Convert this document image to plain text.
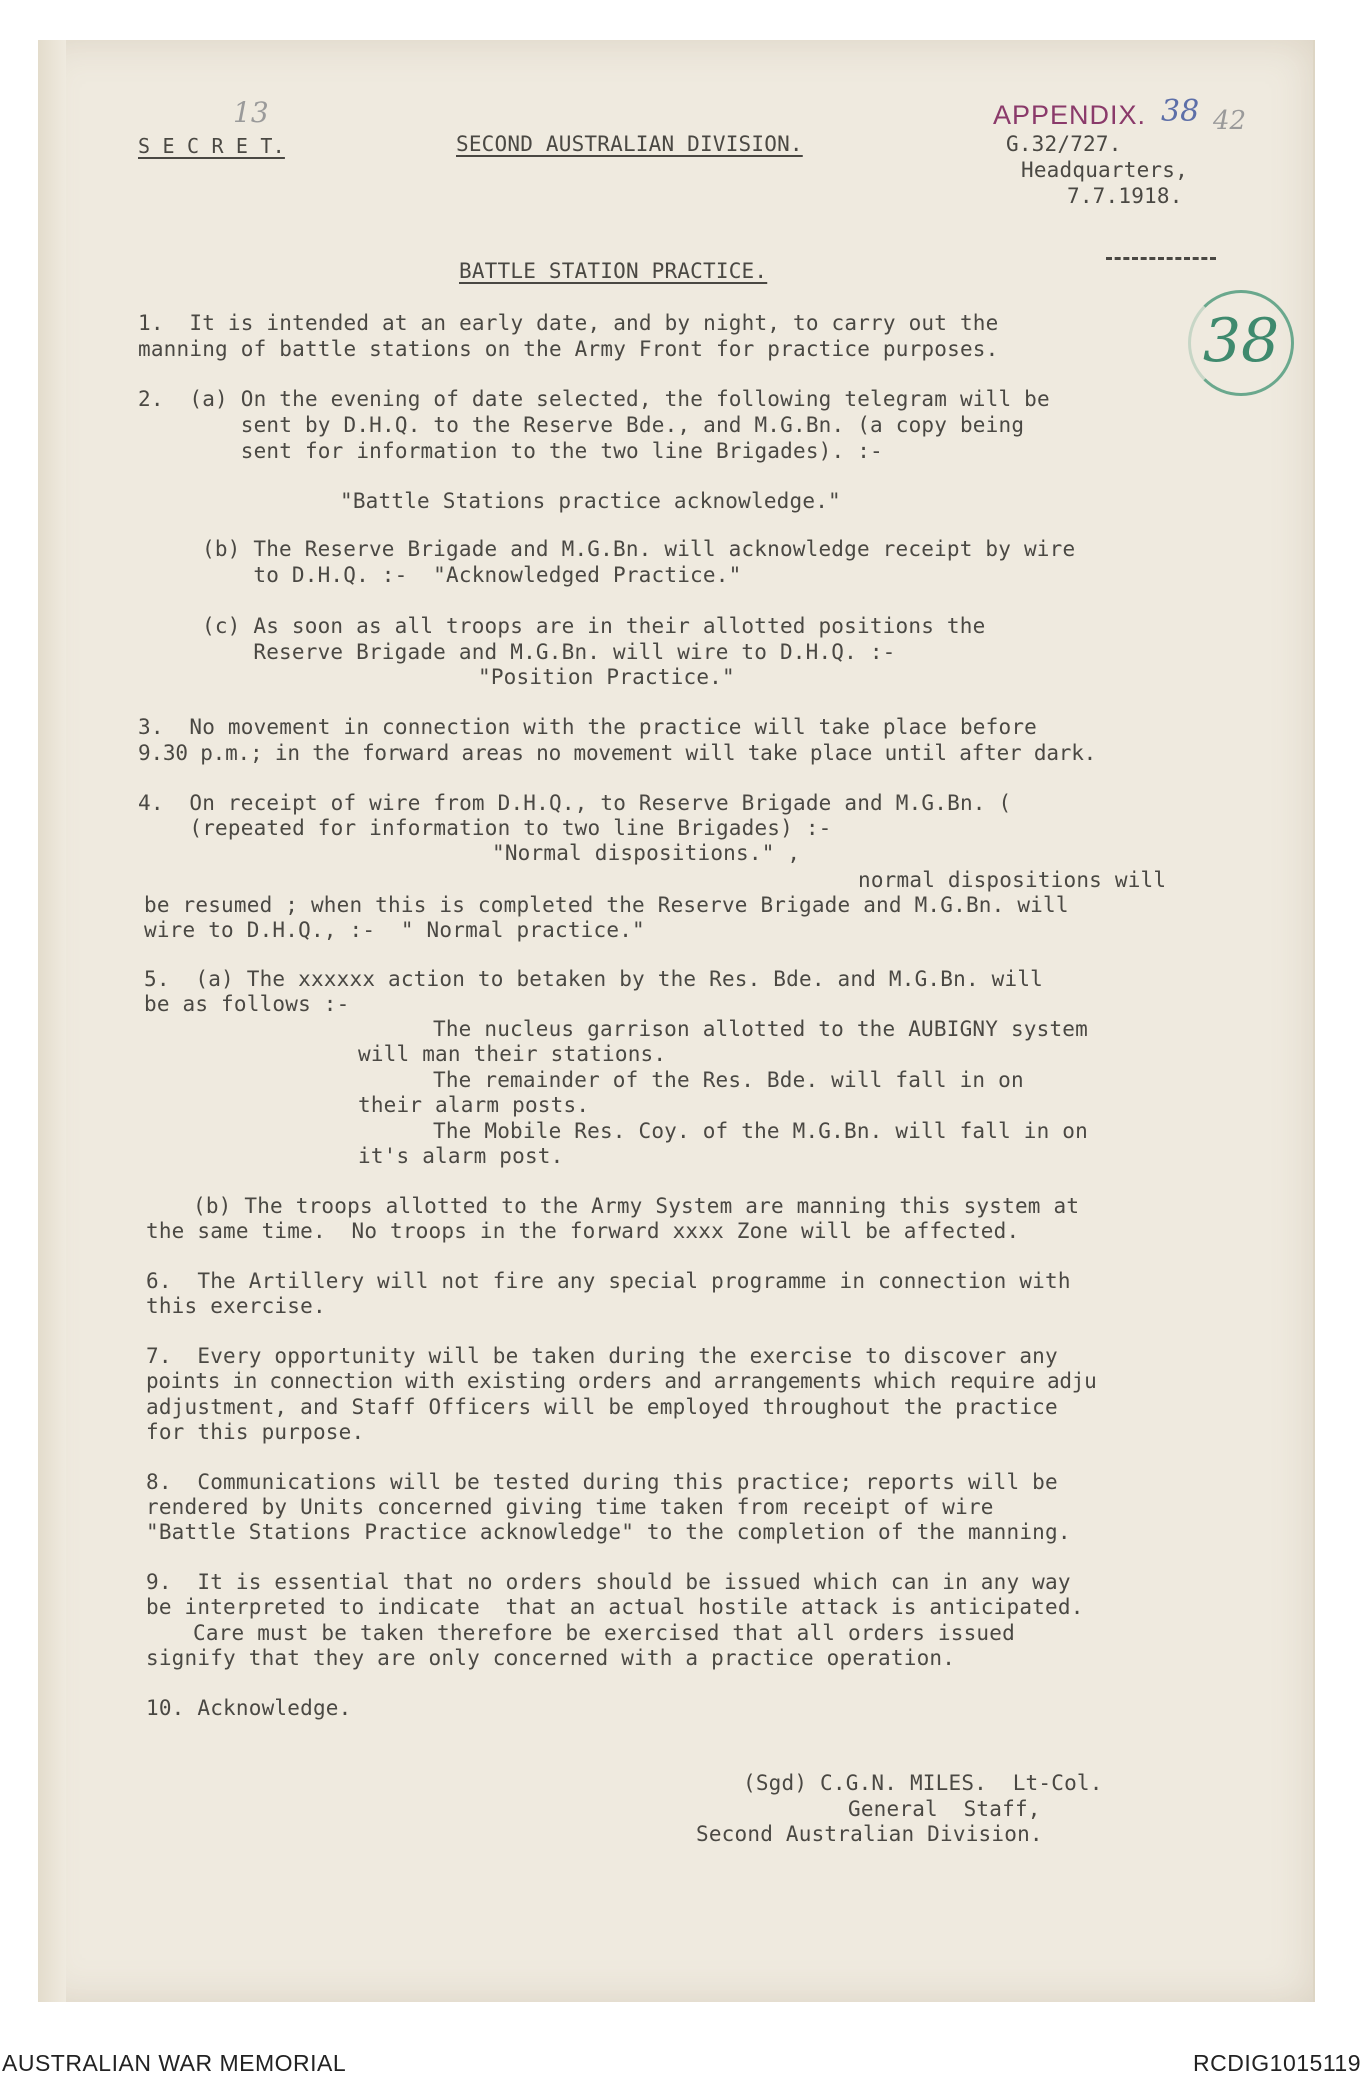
APPENDIX. 38
13	42
38
S E C R E T.	SECOND AUSTRALIAN DIVISION.	G.32/727.
Headquarters,
7.7.1918.
BATTLE STATION PRACTICE.
1.  It is intended at an early date, and by night, to carry out the
manning of battle stations on the Army Front for practice purposes.
2.  (a) On the evening of date selected, the following telegram will be
sent by D.H.Q. to the Reserve Bde., and M.G.Bn. (a copy being
sent for information to the two line Brigades). :-
"Battle Stations practice acknowledge."
(b) The Reserve Brigade and M.G.Bn. will acknowledge receipt by wire
to D.H.Q. :-  "Acknowledged Practice."
(c) As soon as all troops are in their allotted positions the
Reserve Brigade and M.G.Bn. will wire to D.H.Q. :-
"Position Practice."
3.  No movement in connection with the practice will take place before
9.30 p.m.; in the forward areas no movement will take place until after dark.
4.  On receipt of wire from D.H.Q., to Reserve Brigade and M.G.Bn. (
(repeated for information to two line Brigades) :-
"Normal dispositions." ,
normal dispositions will
be resumed ; when this is completed the Reserve Brigade and M.G.Bn. will
wire to D.H.Q., :-  " Normal practice."
5.  (a) The xxxxxx action to betaken by the Res. Bde. and M.G.Bn. will
be as follows :-
The nucleus garrison allotted to the AUBIGNY system
will man their stations.
The remainder of the Res. Bde. will fall in on
their alarm posts.
The Mobile Res. Coy. of the M.G.Bn. will fall in on
it's alarm post.
(b) The troops allotted to the Army System are manning this system at
the same time.  No troops in the forward xxxx Zone will be affected.
6.  The Artillery will not fire any special programme in connection with
this exercise.
7.  Every opportunity will be taken during the exercise to discover any
points in connection with existing orders and arrangements which require adju
adjustment, and Staff Officers will be employed throughout the practice
for this purpose.
8.  Communications will be tested during this practice; reports will be
rendered by Units concerned giving time taken from receipt of wire
"Battle Stations Practice acknowledge" to the completion of the manning.
9.  It is essential that no orders should be issued which can in any way
be interpreted to indicate  that an actual hostile attack is anticipated.
Care must be taken therefore be exercised that all orders issued
signify that they are only concerned with a practice operation.
10. Acknowledge.
(Sgd) C.G.N. MILES.  Lt-Col.
General  Staff,
Second Australian Division.
AUSTRALIAN WAR MEMORIAL	RCDIG1015119
